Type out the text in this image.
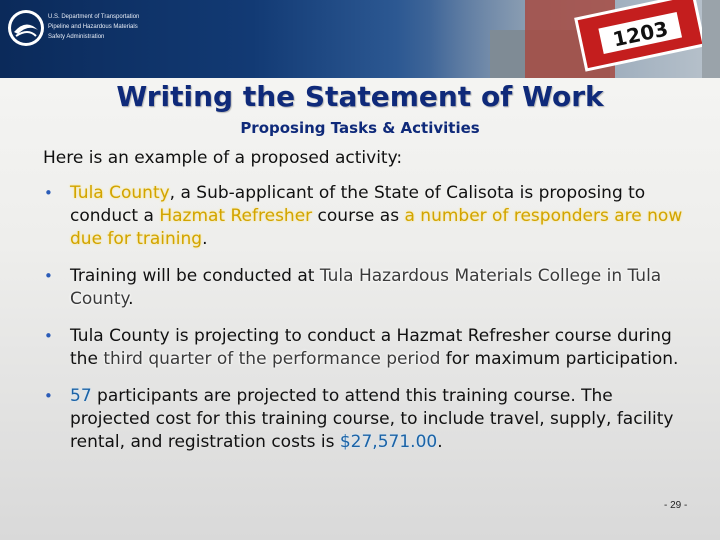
U.S. Department of Transportation
Pipeline and Hazardous Materials
Safety Administration	1203
Writing the Statement of Work
Proposing Tasks & Activities
Here is an example of a proposed activity:
• Tula County, a Sub-applicant of the State of Calisota is proposing to conduct a Hazmat Refresher course as a number of responders are now due for training.
• Training will be conducted at Tula Hazardous Materials College in Tula County.
• Tula County is projecting to conduct a Hazmat Refresher course during the third quarter of the performance period for maximum participation.
• 57 participants are projected to attend this training course. The projected cost for this training course, to include travel, supply, facility rental, and registration costs is $27,571.00.
- 29 -
